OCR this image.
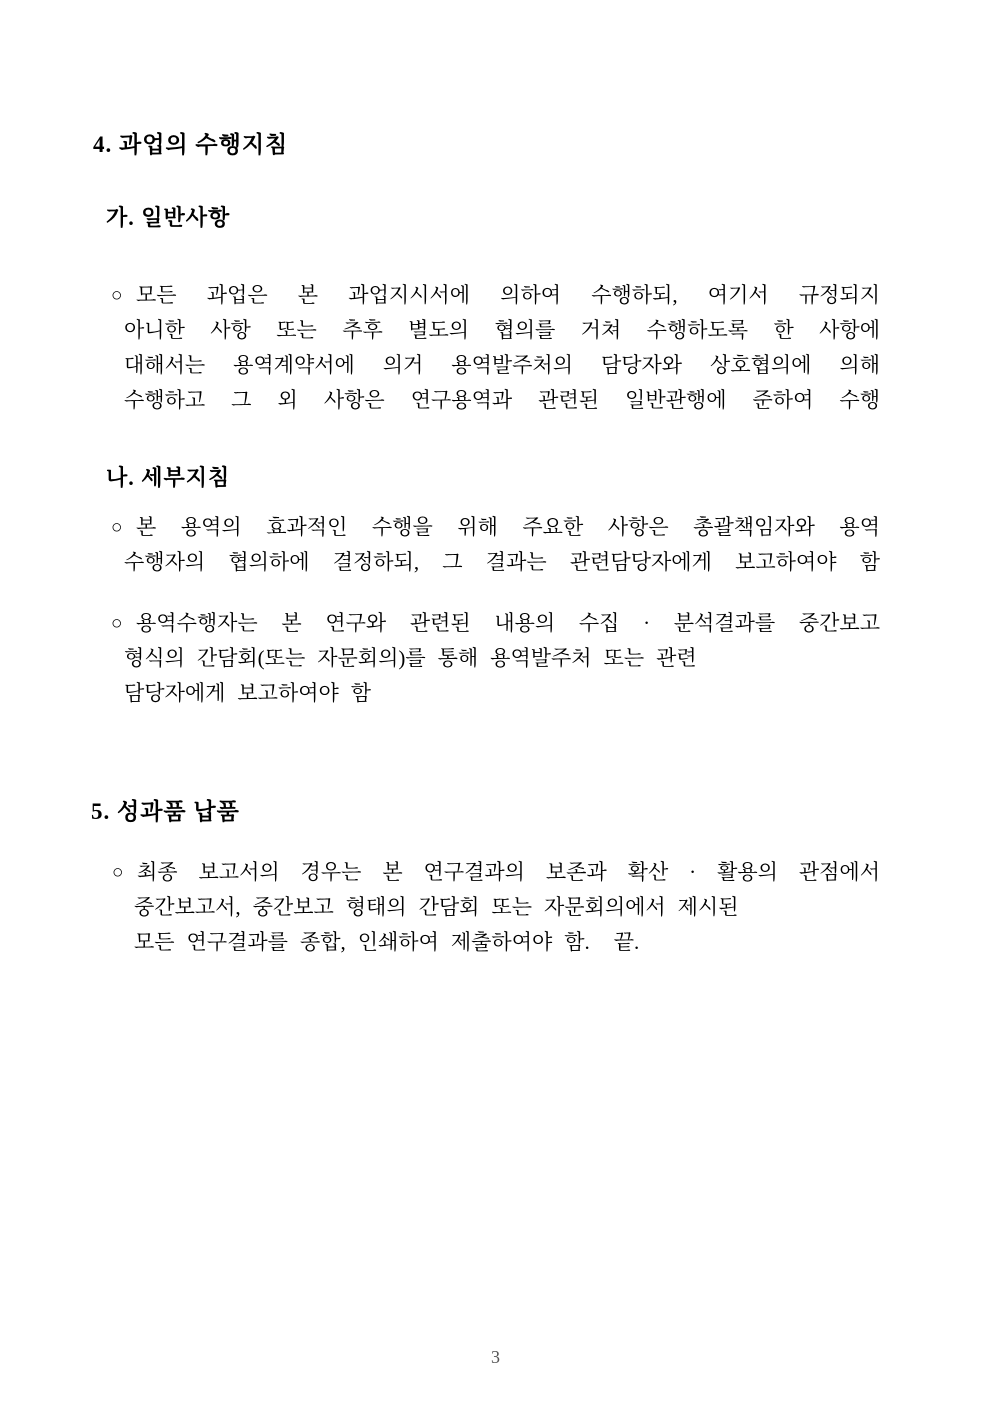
4. 과업의 수행지침
가. 일반사항
○ 모든 과업은 본 과업지시서에 의하여 수행하되, 여기서 규정되지
아니한 사항 또는 추후 별도의 협의를 거쳐 수행하도록 한 사항에
대해서는 용역계약서에 의거 용역발주처의 담당자와 상호협의에 의해
수행하고 그 외 사항은 연구용역과 관련된 일반관행에 준하여 수행
나. 세부지침
○ 본 용역의 효과적인 수행을 위해 주요한 사항은 총괄책임자와 용역
수행자의 협의하에 결정하되, 그 결과는 관련담당자에게 보고하여야 함
○ 용역수행자는 본 연구와 관련된 내용의 수집 · 분석결과를 중간보고
형식의 간담회(또는 자문회의)를 통해 용역발주처 또는 관련
담당자에게 보고하여야 함
5. 성과품 납품
○ 최종 보고서의 경우는 본 연구결과의 보존과 확산 · 활용의 관점에서
중간보고서, 중간보고 형태의 간담회 또는 자문회의에서 제시된
모든 연구결과를 종합, 인쇄하여 제출하여야 함.  끝.
3
